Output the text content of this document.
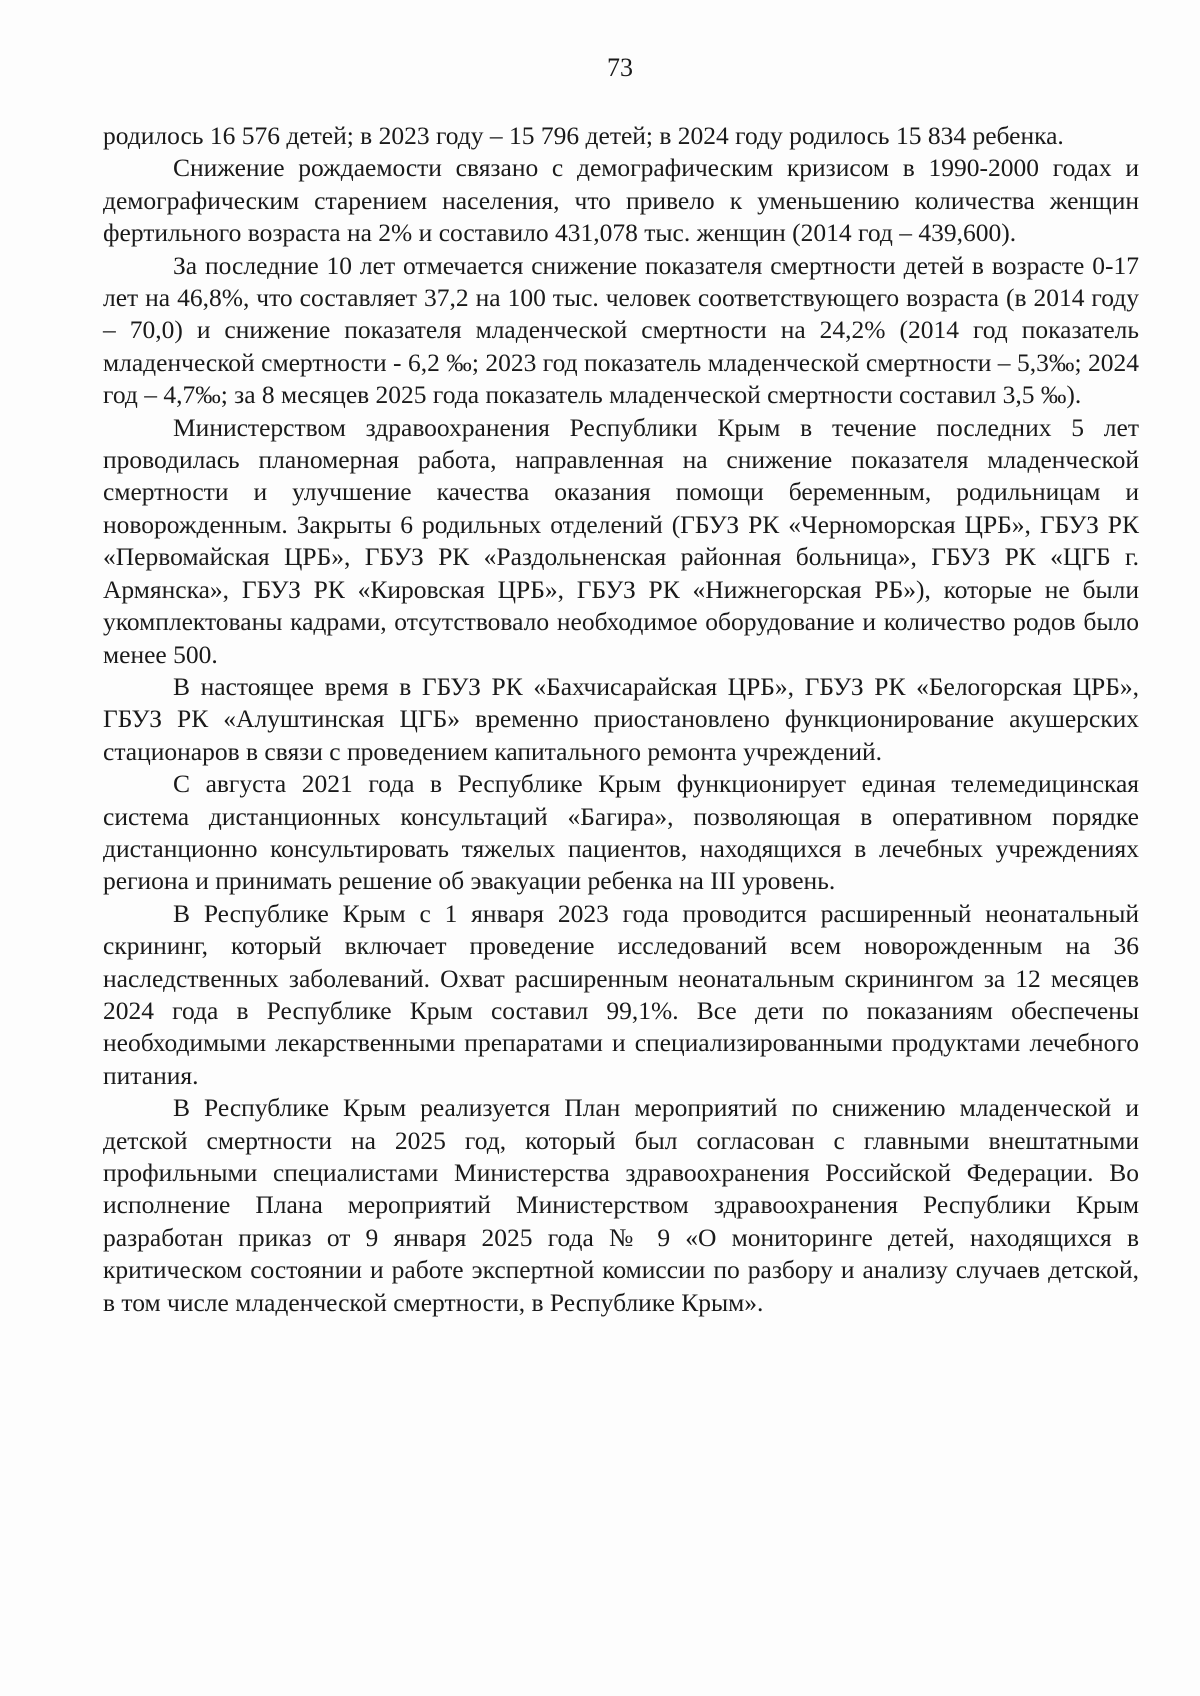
73

родилось 16 576 детей; в 2023 году – 15 796 детей; в 2024 году родилось 15 834 ребенка.

Снижение рождаемости связано с демографическим кризисом в 1990-2000 годах и демографическим старением населения, что привело к уменьшению количества женщин фертильного возраста на 2% и составило 431,078 тыс. женщин (2014 год – 439,600).

За последние 10 лет отмечается снижение показателя смертности детей в возрасте 0-17 лет на 46,8%, что составляет 37,2 на 100 тыс. человек соответствующего возраста (в 2014 году – 70,0) и снижение показателя младенческой смертности на 24,2% (2014 год показатель младенческой смертности - 6,2 ‰; 2023 год показатель младенческой смертности – 5,3‰; 2024 год – 4,7‰; за 8 месяцев 2025 года показатель младенческой смертности составил 3,5 ‰).

Министерством здравоохранения Республики Крым в течение последних 5 лет проводилась планомерная работа, направленная на снижение показателя младенческой смертности и улучшение качества оказания помощи беременным, родильницам и новорожденным. Закрыты 6 родильных отделений (ГБУЗ РК «Черноморская ЦРБ», ГБУЗ РК «Первомайская ЦРБ», ГБУЗ РК «Раздольненская районная больница», ГБУЗ РК «ЦГБ г. Армянска», ГБУЗ РК «Кировская ЦРБ», ГБУЗ РК «Нижнегорская РБ»), которые не были укомплектованы кадрами, отсутствовало необходимое оборудование и количество родов было менее 500.

В настоящее время в ГБУЗ РК «Бахчисарайская ЦРБ», ГБУЗ РК «Белогорская ЦРБ», ГБУЗ РК «Алуштинская ЦГБ» временно приостановлено функционирование акушерских стационаров в связи с проведением капитального ремонта учреждений.

С августа 2021 года в Республике Крым функционирует единая телемедицинская система дистанционных консультаций «Багира», позволяющая в оперативном порядке дистанционно консультировать тяжелых пациентов, находящихся в лечебных учреждениях региона и принимать решение об эвакуации ребенка на III уровень.

В Республике Крым с 1 января 2023 года проводится расширенный неонатальный скрининг, который включает проведение исследований всем новорожденным на 36 наследственных заболеваний. Охват расширенным неонатальным скринингом за 12 месяцев 2024 года в Республике Крым составил 99,1%. Все дети по показаниям обеспечены необходимыми лекарственными препаратами и специализированными продуктами лечебного питания.

В Республике Крым реализуется План мероприятий по снижению младенческой и детской смертности на 2025 год, который был согласован с главными внештатными профильными специалистами Министерства здравоохранения Российской Федерации. Во исполнение Плана мероприятий Министерством здравоохранения Республики Крым разработан приказ от 9 января 2025 года № 9 «О мониторинге детей, находящихся в критическом состоянии и работе экспертной комиссии по разбору и анализу случаев детской, в том числе младенческой смертности, в Республике Крым».
